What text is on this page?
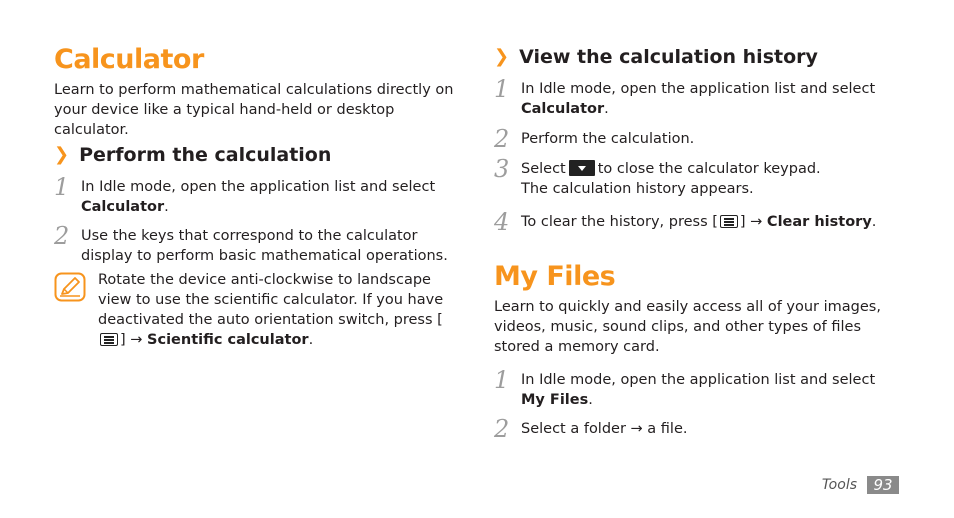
Calculator

Learn to perform mathematical calculations directly on your device like a typical hand-held or desktop calculator.

❯ Perform the calculation
1 In Idle mode, open the application list and select
Calculator.
2 Use the keys that correspond to the calculator display to perform basic mathematical operations.
Rotate the device anti-clockwise to landscape view to use the scientific calculator. If you have deactivated the auto orientation switch, press [] → Scientific calculator.
❯ View the calculation history
1 In Idle mode, open the application list and select
Calculator.
2 Perform the calculation.
3 Select to close the calculator keypad.
The calculation history appears.
4 To clear the history, press [ ] → Clear history.
My Files

Learn to quickly and easily access all of your images, videos, music, sound clips, and other types of files stored a memory card.

1 In Idle mode, open the application list and select
My Files.
2 Select a folder → a file.
Tools	93
